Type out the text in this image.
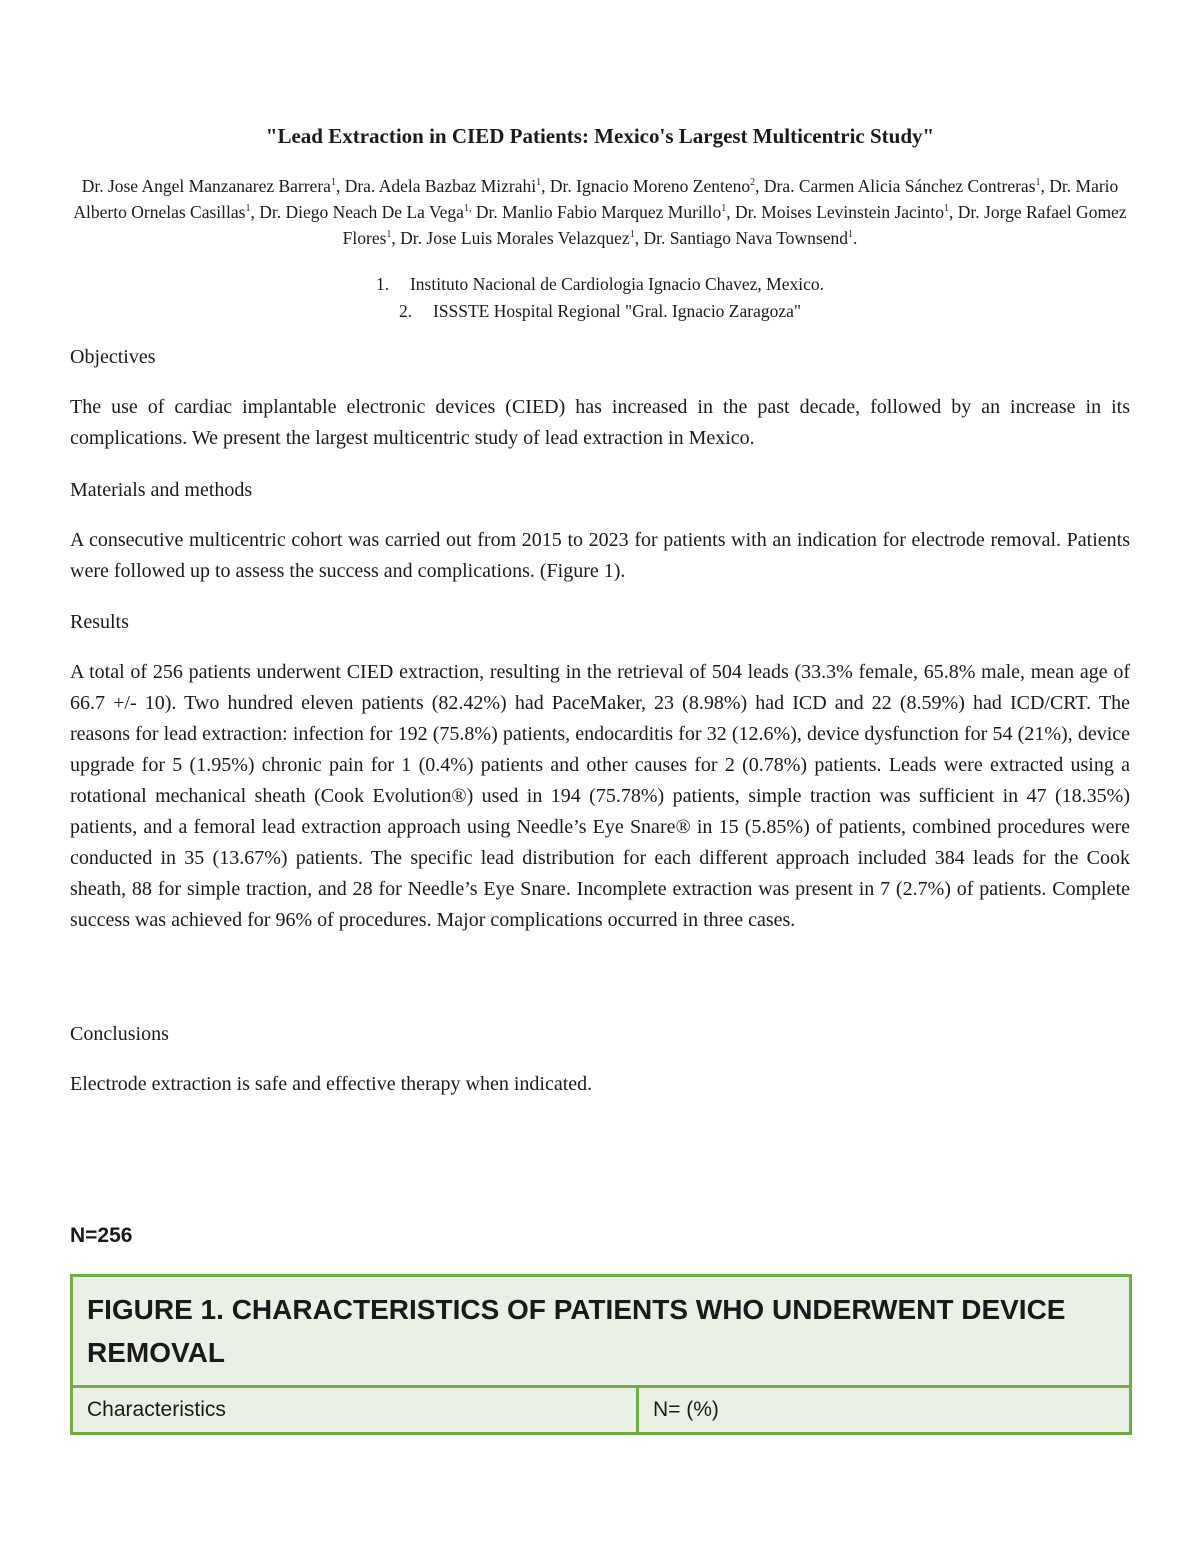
"Lead Extraction in CIED Patients: Mexico's Largest Multicentric Study"
Dr. Jose Angel Manzanarez Barrera$^1$, Dra. Adela Bazbaz Mizrahi$^1$, Dr. Ignacio Moreno Zenteno$^2$, Dra. Carmen Alicia Sánchez Contreras$^1$, Dr. Mario Alberto Ornelas Casillas$^1$, Dr. Diego Neach De La Vega$^{1,}$ Dr. Manlio Fabio Marquez Murillo$^1$, Dr. Moises Levinstein Jacinto$^1$, Dr. Jorge Rafael Gomez Flores$^1$, Dr. Jose Luis Morales Velazquez$^1$, Dr. Santiago Nava Townsend$^1$.
1. Instituto Nacional de Cardiologia Ignacio Chavez, Mexico.
2. ISSSTE Hospital Regional "Gral. Ignacio Zaragoza"
Objectives

The use of cardiac implantable electronic devices (CIED) has increased in the past decade, followed by an increase in its complications. We present the largest multicentric study of lead extraction in Mexico.

Materials and methods

A consecutive multicentric cohort was carried out from 2015 to 2023 for patients with an indication for electrode removal. Patients were followed up to assess the success and complications. (Figure 1).

Results

A total of 256 patients underwent CIED extraction, resulting in the retrieval of 504 leads (33.3% female, 65.8% male, mean age of 66.7 +/- 10). Two hundred eleven patients (82.42%) had PaceMaker, 23 (8.98%) had ICD and 22 (8.59%) had ICD/CRT. The reasons for lead extraction: infection for 192 (75.8%) patients, endocarditis for 32 (12.6%), device dysfunction for 54 (21%), device upgrade for 5 (1.95%) chronic pain for 1 (0.4%) patients and other causes for 2 (0.78%) patients. Leads were extracted using a rotational mechanical sheath (Cook Evolution®) used in 194 (75.78%) patients, simple traction was sufficient in 47 (18.35%) patients, and a femoral lead extraction approach using Needle’s Eye Snare® in 15 (5.85%) of patients, combined procedures were conducted in 35 (13.67%) patients. The specific lead distribution for each different approach included 384 leads for the Cook sheath, 88 for simple traction, and 28 for Needle’s Eye Snare. Incomplete extraction was present in 7 (2.7%) of patients. Complete success was achieved for 96% of procedures. Major complications occurred in three cases.

Conclusions

Electrode extraction is safe and effective therapy when indicated.

N=256
FIGURE 1. CHARACTERISTICS OF PATIENTS WHO UNDERWENT DEVICE REMOVAL
Characteristics	N= (%)
